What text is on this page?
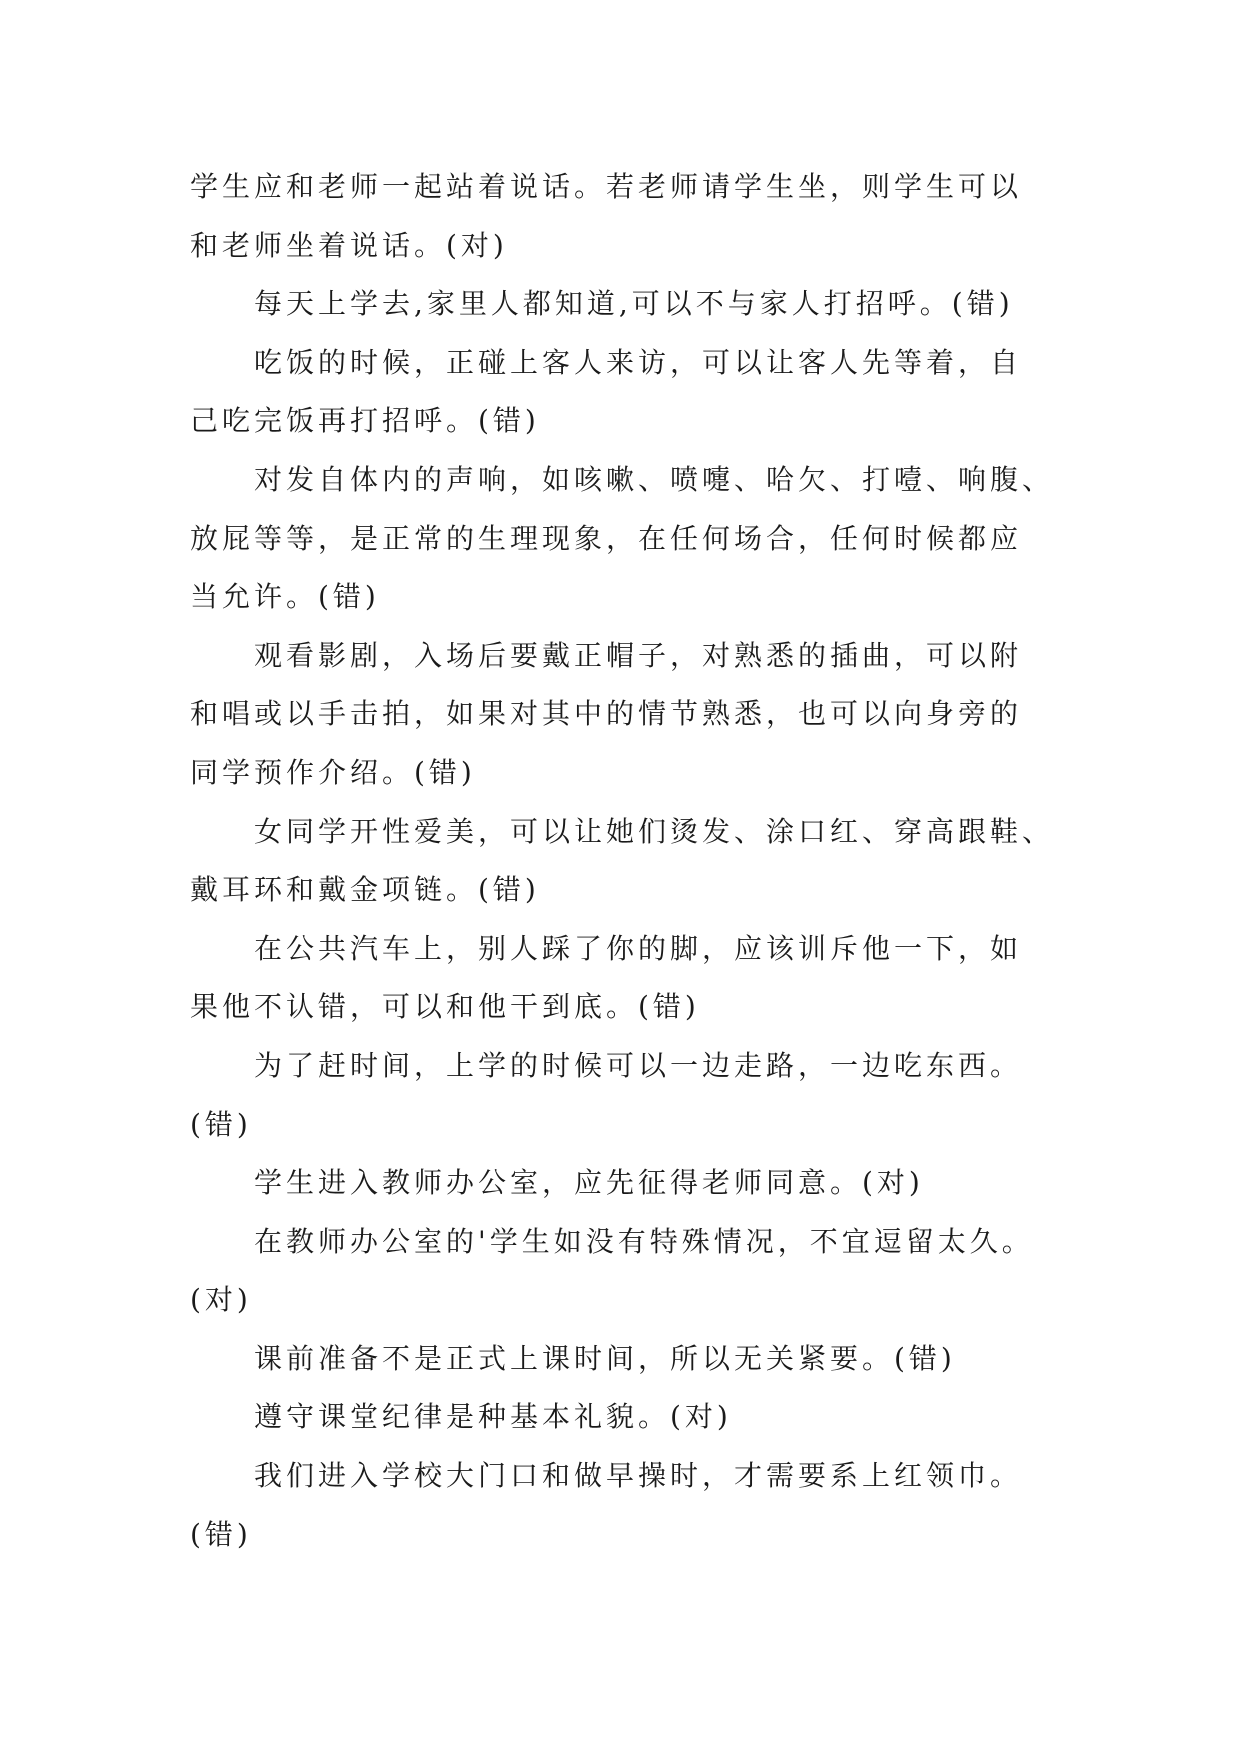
学生应和老师一起站着说话。若老师请学生坐，则学生可以
和老师坐着说话。(对)

每天上学去,家里人都知道,可以不与家人打招呼。(错)

吃饭的时候，正碰上客人来访，可以让客人先等着，自
己吃完饭再打招呼。(错)

对发自体内的声响，如咳嗽、喷嚏、哈欠、打噎、响腹、
放屁等等，是正常的生理现象，在任何场合，任何时候都应
当允许。(错)

观看影剧，入场后要戴正帽子，对熟悉的插曲，可以附
和唱或以手击拍，如果对其中的情节熟悉，也可以向身旁的
同学预作介绍。(错)

女同学开性爱美，可以让她们烫发、涂口红、穿高跟鞋、
戴耳环和戴金项链。(错)

在公共汽车上，别人踩了你的脚，应该训斥他一下，如
果他不认错，可以和他干到底。(错)

为了赶时间，上学的时候可以一边走路，一边吃东西。
(错)

学生进入教师办公室，应先征得老师同意。(对)

在教师办公室的'学生如没有特殊情况，不宜逗留太久。
(对)

课前准备不是正式上课时间，所以无关紧要。(错)

遵守课堂纪律是种基本礼貌。(对)

我们进入学校大门口和做早操时，才需要系上红领巾。
(错)
